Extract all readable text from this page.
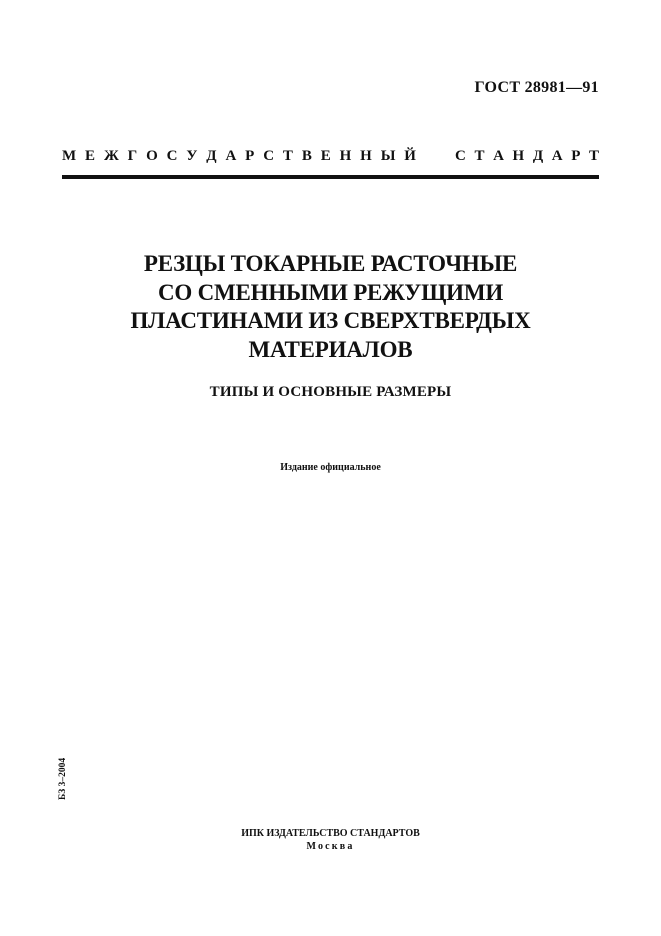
ГОСТ 28981—91
М Е Ж Г О С У Д А Р С Т В Е Н Н Ы Й	С Т А Н Д А Р Т
РЕЗЦЫ ТОКАРНЫЕ РАСТОЧНЫЕ
СО СМЕННЫМИ РЕЖУЩИМИ
ПЛАСТИНАМИ ИЗ СВЕРХТВЕРДЫХ
МАТЕРИАЛОВ
ТИПЫ И ОСНОВНЫЕ РАЗМЕРЫ
Издание официальное
БЗ 3–2004
ИПК ИЗДАТЕЛЬСТВО СТАНДАРТОВ
Москва
